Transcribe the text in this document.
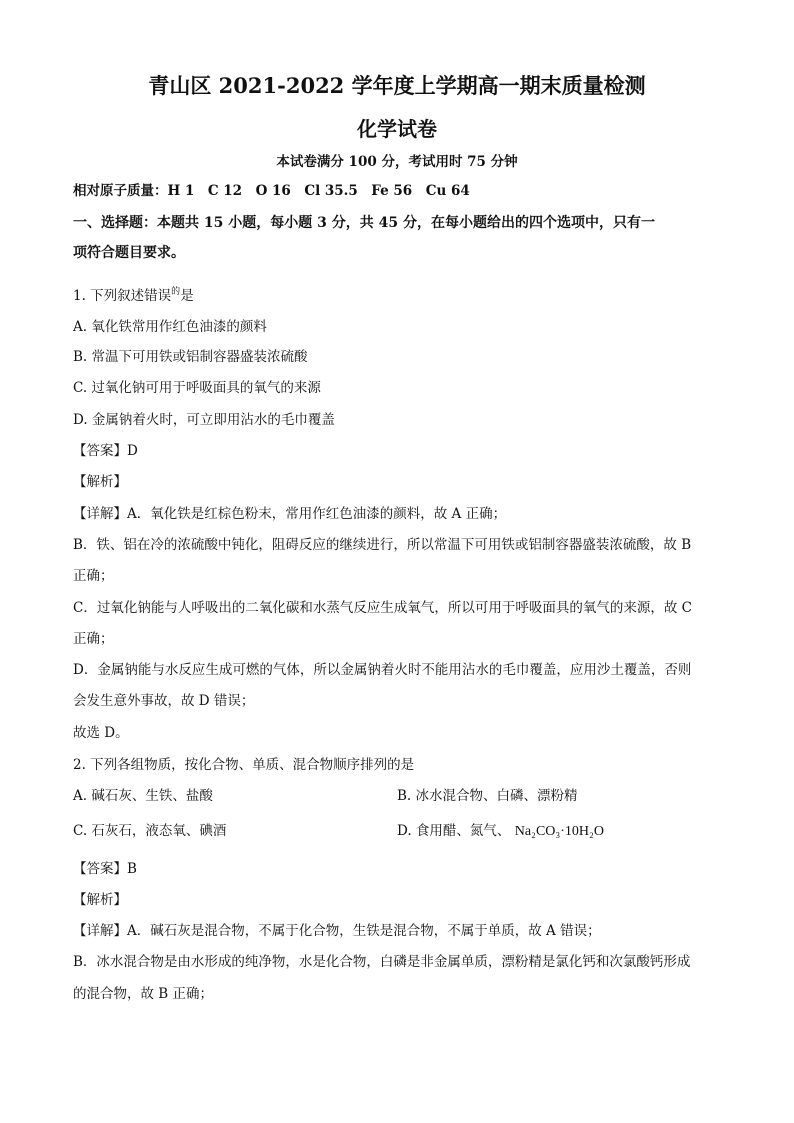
青山区 2021-2022 学年度上学期高一期末质量检测
化学试卷
本试卷满分 100 分，考试用时 75 分钟
相对原子质量：H 1　C 12　O 16　Cl 35.5　Fe 56　Cu 64
一、选择题：本题共 15 小题，每小题 3 分，共 45 分，在每小题给出的四个选项中，只有一
项符合题目要求。
1. 下列叙述错误$^的$是
A. 氧化铁常用作红色油漆的颜料
B. 常温下可用铁或铝制容器盛装浓硫酸
C. 过氧化钠可用于呼吸面具的氧气的来源
D. 金属钠着火时，可立即用沾水的毛巾覆盖
【答案】D
【解析】
【详解】A．氧化铁是红棕色粉末，常用作红色油漆的颜料，故 A 正确；
B．铁、铝在冷的浓硫酸中钝化，阻碍反应的继续进行，所以常温下可用铁或铝制容器盛装浓硫酸，故 B
正确；
C．过氧化钠能与人呼吸出的二氧化碳和水蒸气反应生成氧气，所以可用于呼吸面具的氧气的来源，故 C
正确；
D．金属钠能与水反应生成可燃的气体，所以金属钠着火时不能用沾水的毛巾覆盖，应用沙土覆盖，否则
会发生意外事故，故 D 错误；
故选 D。
2. 下列各组物质，按化合物、单质、混合物顺序排列的是
A. 碱石灰、生铁、盐酸	B. 冰水混合物、白磷、漂粉精
C. 石灰石，液态氧、碘酒	D. 食用醋、氮气、 Na₂CO₃·10H₂O
【答案】B
【解析】
【详解】A．碱石灰是混合物，不属于化合物，生铁是混合物，不属于单质，故 A 错误；
B．冰水混合物是由水形成的纯净物，水是化合物，白磷是非金属单质，漂粉精是氯化钙和次氯酸钙形成
的混合物，故 B 正确；
